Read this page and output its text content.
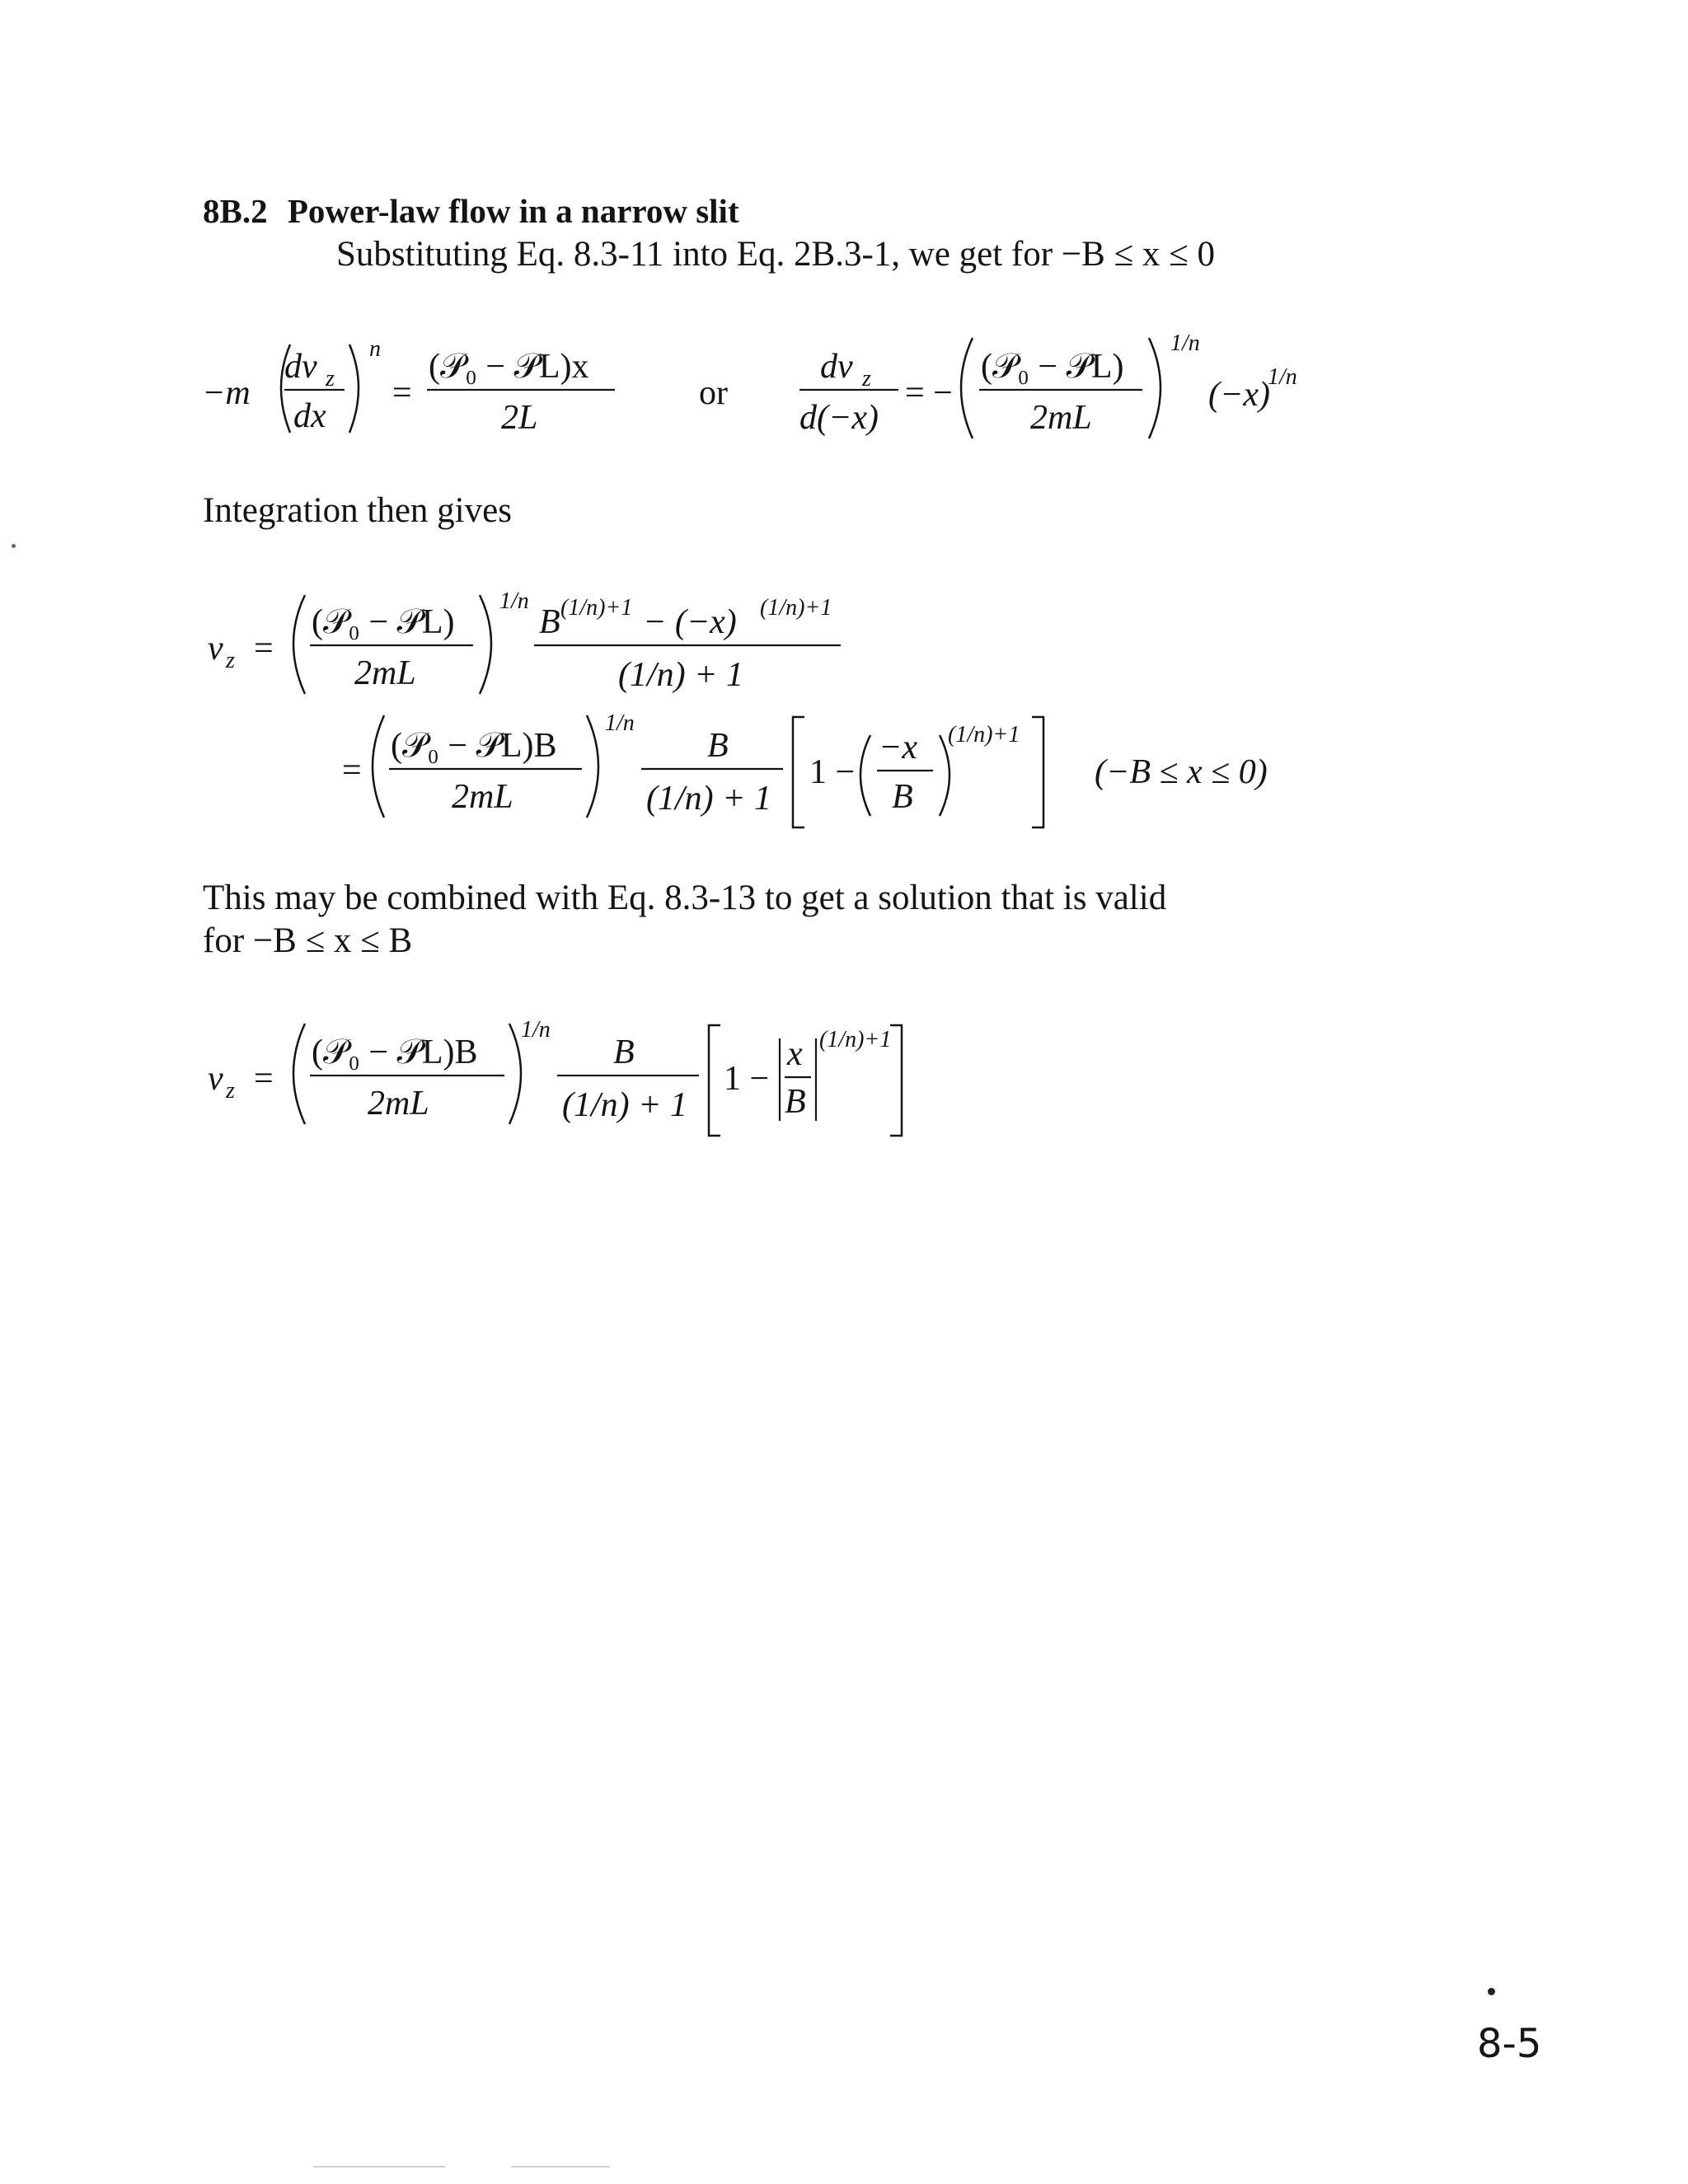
8B.2 Power-law flow in a narrow slit
Substituting Eq. 8.3-11 into Eq. 2B.3-1, we get for −B ≤ x ≤ 0
−m
dv z
dx
n
=
(𝒫₀ − 𝒫L)x
2L
or
dv z
d(−x)
= −
(𝒫₀ − 𝒫L)
2mL
1/n
(−x)
1/n
v z =
(𝒫₀ − 𝒫L)
2mL
1/n
B (1/n)+1 − (−x) (1/n)+1
(1/n) + 1
=
(𝒫₀ − 𝒫L)B
2mL
1/n
B
(1/n) + 1
1 −
−x
B
(1/n)+1
(−B ≤ x ≤ 0)
v z =
(𝒫₀ − 𝒫L)B
2mL
1/n
B
(1/n) + 1
1 −
x
B
(1/n)+1
Integration then gives
This may be combined with Eq. 8.3-13 to get a solution that is valid
for −B ≤ x ≤ B
8-5
